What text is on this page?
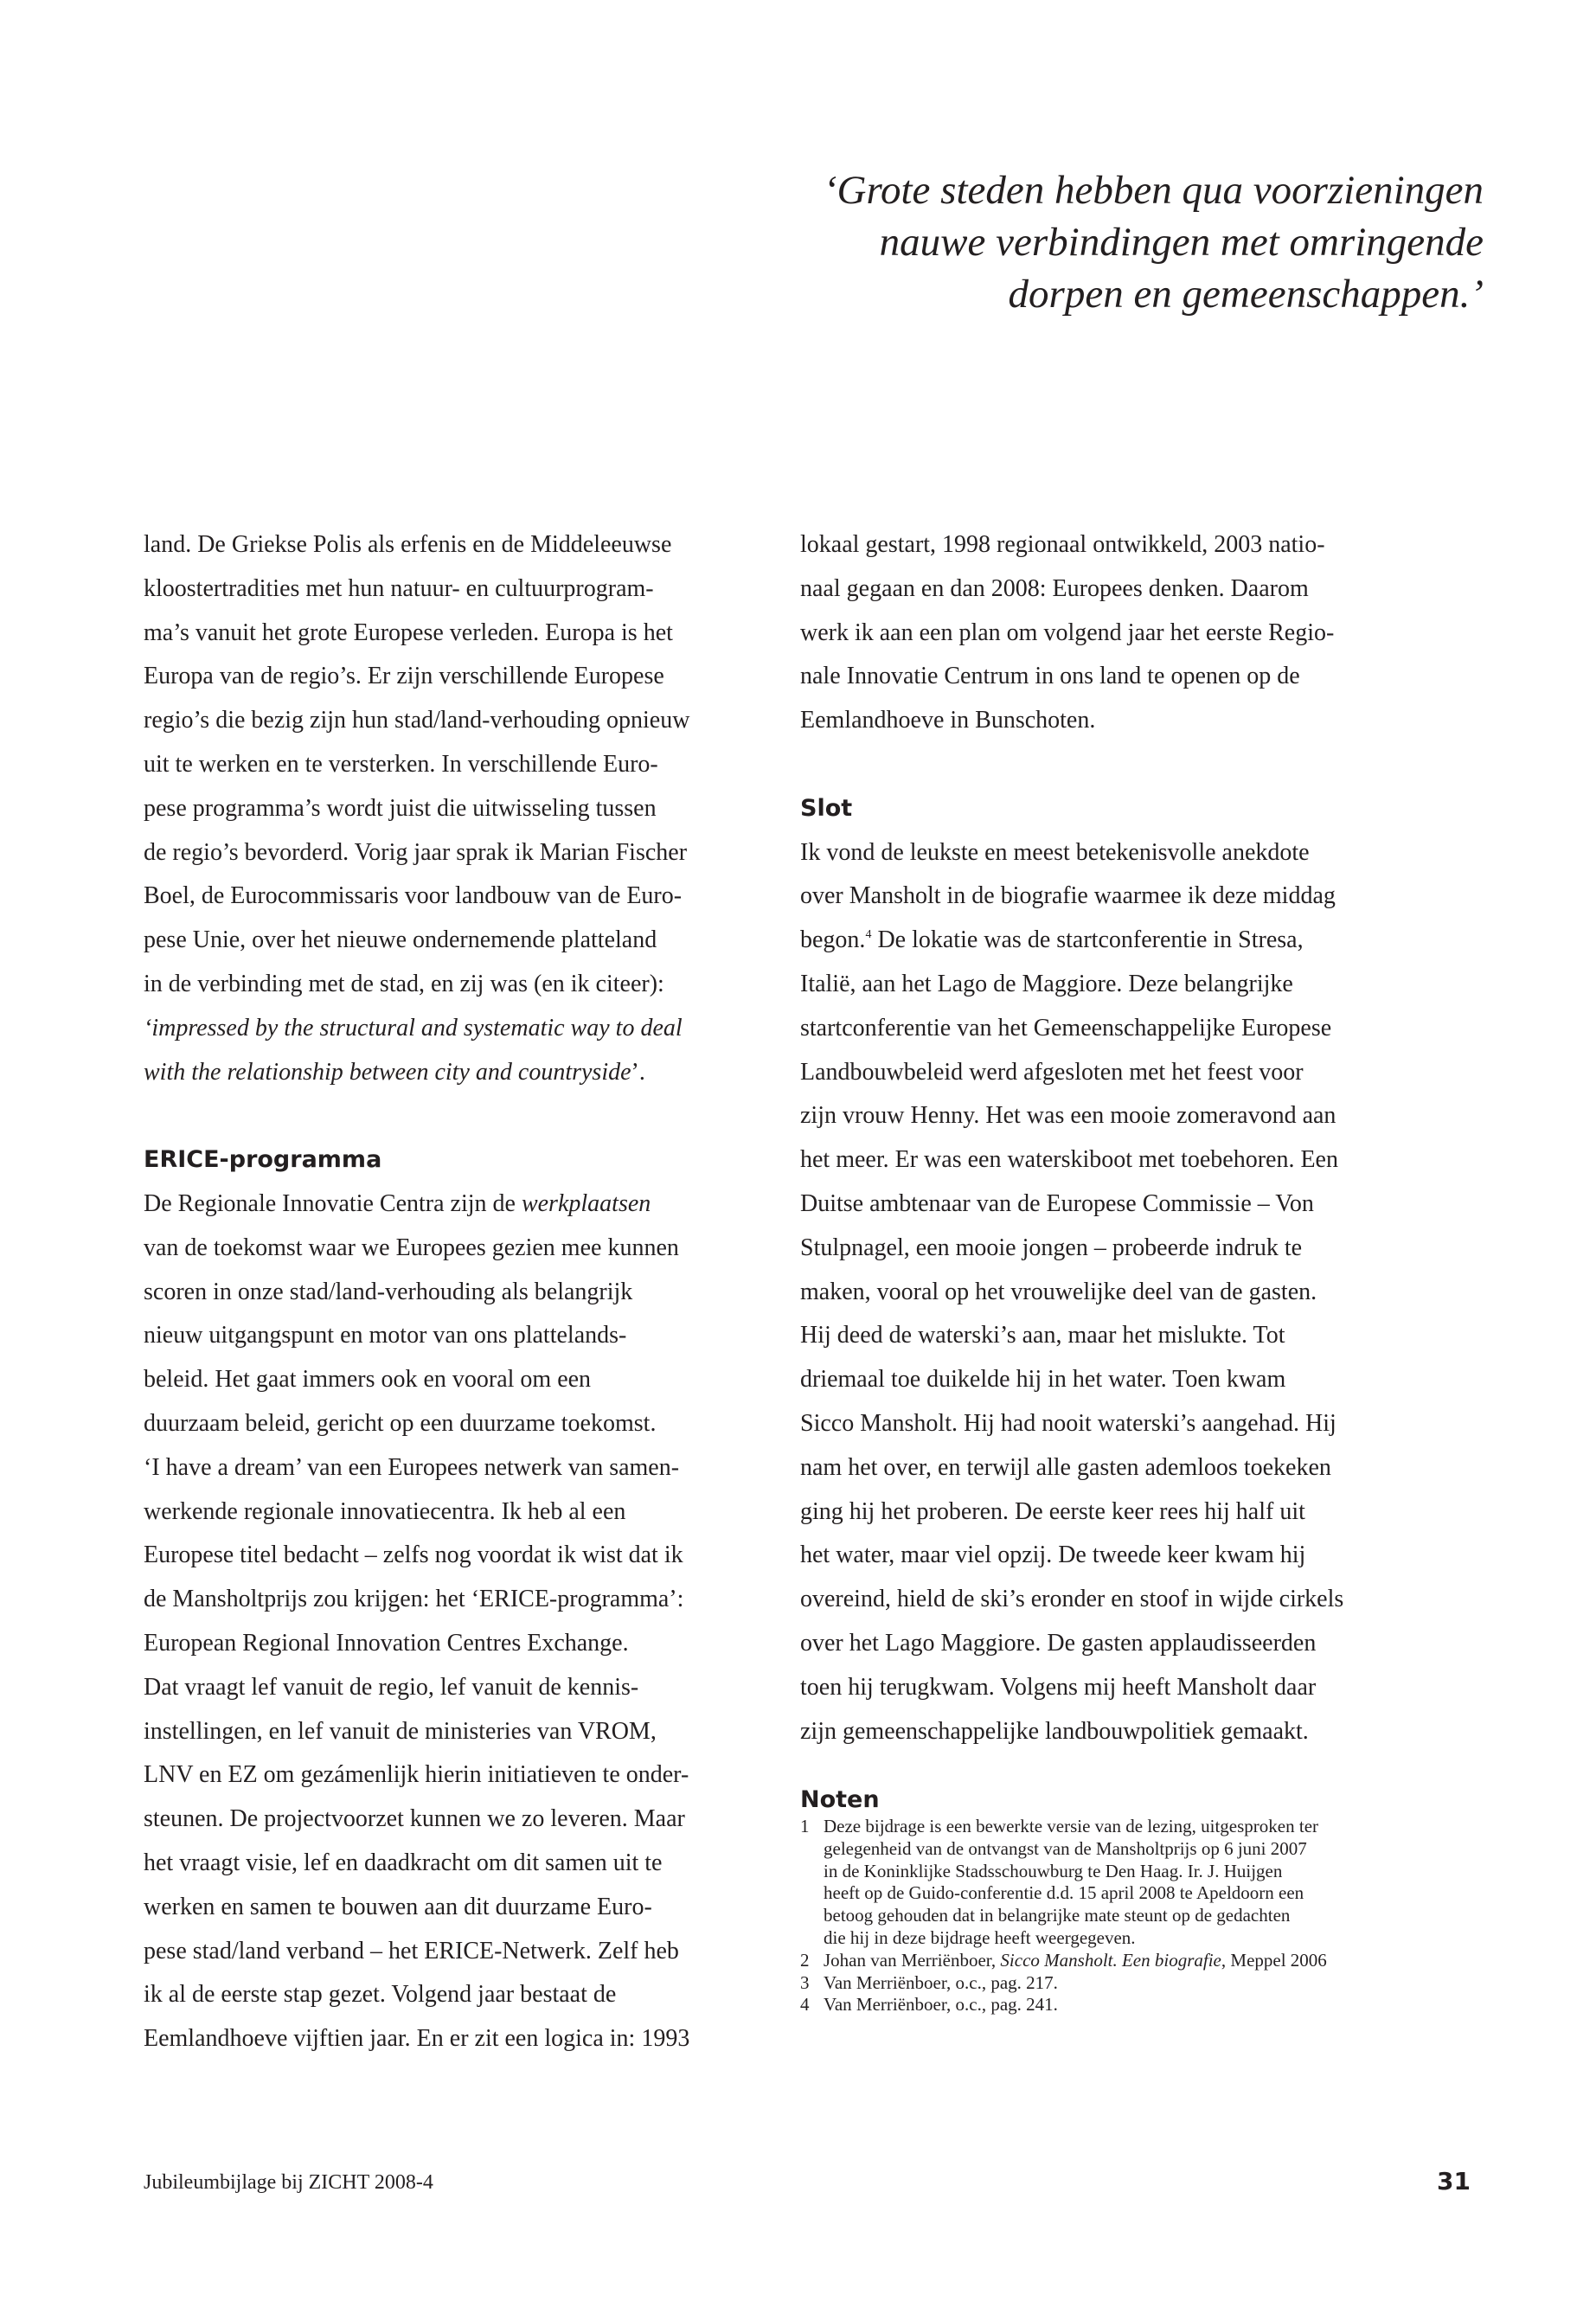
‘Grote steden hebben qua voorzieningen
nauwe verbindingen met omringende
dorpen en gemeenschappen.’
land. De Griekse Polis als erfenis en de Middeleeuwse
kloostertradities met hun natuur- en cultuurprogram-
ma’s vanuit het grote Europese verleden. Europa is het
Europa van de regio’s. Er zijn verschillende Europese
regio’s die bezig zijn hun stad/land-verhouding opnieuw
uit te werken en te versterken. In verschillende Euro-
pese programma’s wordt juist die uitwisseling tussen
de regio’s bevorderd. Vorig jaar sprak ik Marian Fischer
Boel, de Eurocommissaris voor landbouw van de Euro-
pese Unie, over het nieuwe ondernemende platteland
in de verbinding met de stad, en zij was (en ik citeer):
‘impressed by the structural and systematic way to deal
with the relationship between city and countryside’.
ERICE-programma
De Regionale Innovatie Centra zijn de werkplaatsen
van de toekomst waar we Europees gezien mee kunnen
scoren in onze stad/land-verhouding als belangrijk
nieuw uitgangspunt en motor van ons plattelands-
beleid. Het gaat immers ook en vooral om een
duurzaam beleid, gericht op een duurzame toekomst.
‘I have a dream’ van een Europees netwerk van samen-
werkende regionale innovatiecentra. Ik heb al een
Europese titel bedacht – zelfs nog voordat ik wist dat ik
de Mansholtprijs zou krijgen: het ‘ERICE-programma’:
European Regional Innovation Centres Exchange.
Dat vraagt lef vanuit de regio, lef vanuit de kennis-
instellingen, en lef vanuit de ministeries van VROM,
LNV en EZ om gezámenlijk hierin initiatieven te onder-
steunen. De projectvoorzet kunnen we zo leveren. Maar
het vraagt visie, lef en daadkracht om dit samen uit te
werken en samen te bouwen aan dit duurzame Euro-
pese stad/land verband – het ERICE-Netwerk. Zelf heb
ik al de eerste stap gezet. Volgend jaar bestaat de
Eemlandhoeve vijftien jaar. En er zit een logica in: 1993
lokaal gestart, 1998 regionaal ontwikkeld, 2003 natio-
naal gegaan en dan 2008: Europees denken. Daarom
werk ik aan een plan om volgend jaar het eerste Regio-
nale Innovatie Centrum in ons land te openen op de
Eemlandhoeve in Bunschoten.
Slot
Ik vond de leukste en meest betekenisvolle anekdote
over Mansholt in de biografie waarmee ik deze middag
begon.$^4$ De lokatie was de startconferentie in Stresa,
Italië, aan het Lago de Maggiore. Deze belangrijke
startconferentie van het Gemeenschappelijke Europese
Landbouwbeleid werd afgesloten met het feest voor
zijn vrouw Henny. Het was een mooie zomeravond aan
het meer. Er was een waterskiboot met toebehoren. Een
Duitse ambtenaar van de Europese Commissie – Von
Stulpnagel, een mooie jongen – probeerde indruk te
maken, vooral op het vrouwelijke deel van de gasten.
Hij deed de waterski’s aan, maar het mislukte. Tot
driemaal toe duikelde hij in het water. Toen kwam
Sicco Mansholt. Hij had nooit waterski’s aangehad. Hij
nam het over, en terwijl alle gasten ademloos toekeken
ging hij het proberen. De eerste keer rees hij half uit
het water, maar viel opzij. De tweede keer kwam hij
overeind, hield de ski’s eronder en stoof in wijde cirkels
over het Lago Maggiore. De gasten applaudisseerden
toen hij terugkwam. Volgens mij heeft Mansholt daar
zijn gemeenschappelijke landbouwpolitiek gemaakt.
Noten
1 Deze bijdrage is een bewerkte versie van de lezing, uitgesproken ter
gelegenheid van de ontvangst van de Mansholtprijs op 6 juni 2007
in de Koninklijke Stadsschouwburg te Den Haag. Ir. J. Huijgen
heeft op de Guido-conferentie d.d. 15 april 2008 te Apeldoorn een
betoog gehouden dat in belangrijke mate steunt op de gedachten
die hij in deze bijdrage heeft weergegeven.
2 Johan van Merriënboer, Sicco Mansholt. Een biografie, Meppel 2006
3 Van Merriënboer, o.c., pag. 217.
4 Van Merriënboer, o.c., pag. 241.
Jubileumbijlage bij ZICHT 2008-4	31
